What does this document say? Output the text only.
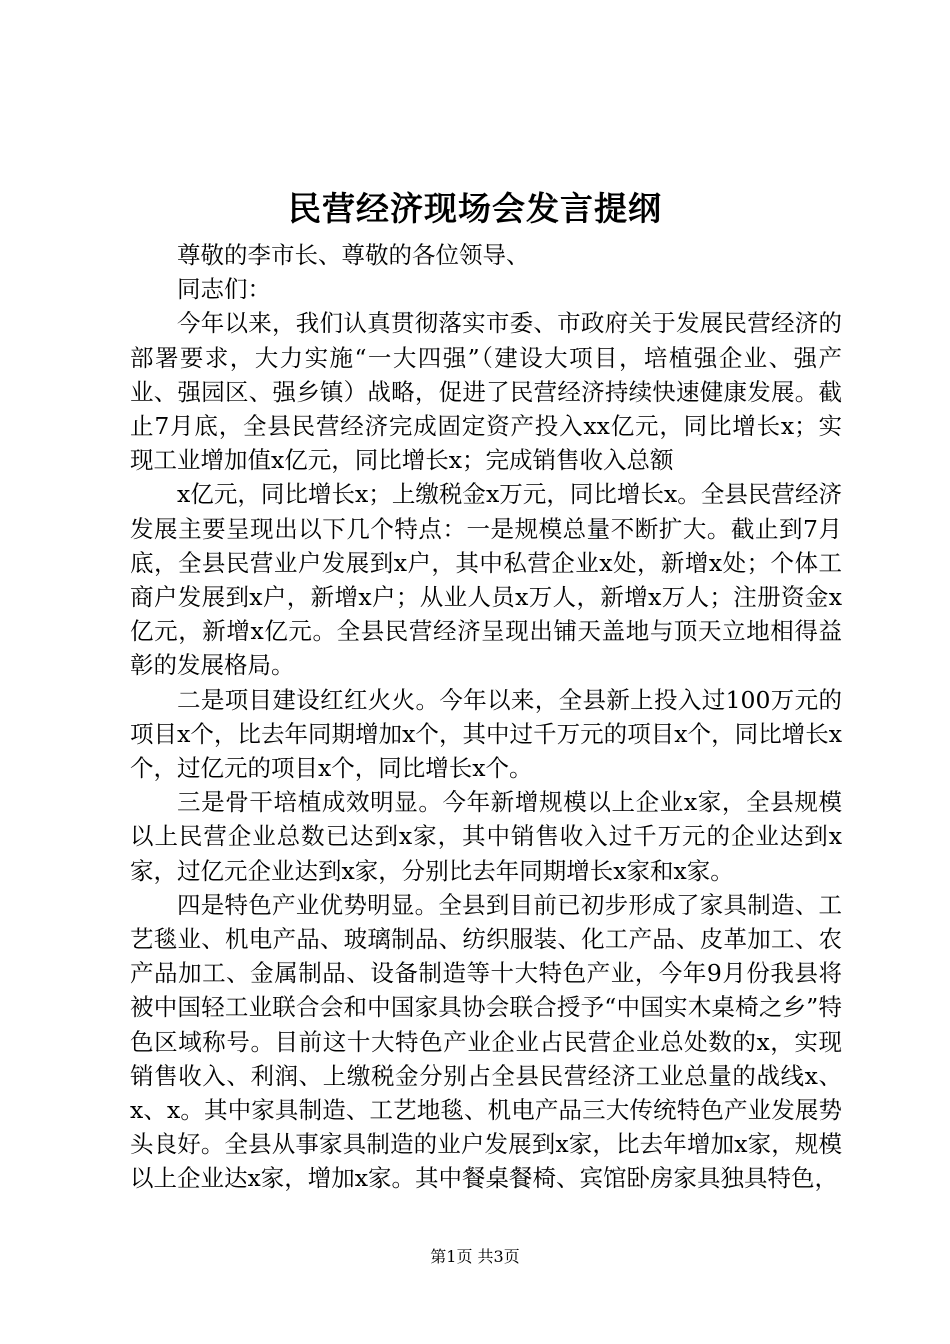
民营经济现场会发言提纲

尊敬的李市长、尊敬的各位领导、

同志们：

今年以来，我们认真贯彻落实市委、市政府关于发展民营经济的部署要求，大力实施“一大四强”（建设大项目，培植强企业、强产业、强园区、强乡镇）战略，促进了民营经济持续快速健康发展。截止7月底，全县民营经济完成固定资产投入xx亿元，同比增长x；实现工业增加值x亿元，同比增长x；完成销售收入总额

x亿元，同比增长x；上缴税金x万元，同比增长x。全县民营经济发展主要呈现出以下几个特点：一是规模总量不断扩大。截止到7月底，全县民营业户发展到x户，其中私营企业x处，新增x处；个体工商户发展到x户，新增x户；从业人员x万人，新增x万人；注册资金x亿元，新增x亿元。全县民营经济呈现出铺天盖地与顶天立地相得益彰的发展格局。

二是项目建设红红火火。今年以来，全县新上投入过100万元的项目x个，比去年同期增加x个，其中过千万元的项目x个，同比增长x个，过亿元的项目x个，同比增长x个。

三是骨干培植成效明显。今年新增规模以上企业x家，全县规模以上民营企业总数已达到x家，其中销售收入过千万元的企业达到x家，过亿元企业达到x家，分别比去年同期增长x家和x家。

四是特色产业优势明显。全县到目前已初步形成了家具制造、工艺毯业、机电产品、玻璃制品、纺织服装、化工产品、皮革加工、农产品加工、金属制品、设备制造等十大特色产业，今年9月份我县将被中国轻工业联合会和中国家具协会联合授予“中国实木桌椅之乡”特色区域称号。目前这十大特色产业企业占民营企业总处数的x，实现销售收入、利润、上缴税金分别占全县民营经济工业总量的战线x、x、x。其中家具制造、工艺地毯、机电产品三大传统特色产业发展势头良好。全县从事家具制造的业户发展到x家，比去年增加x家，规模以上企业达x家，增加x家。其中餐桌餐椅、宾馆卧房家具独具特色，

第1页 共3页
